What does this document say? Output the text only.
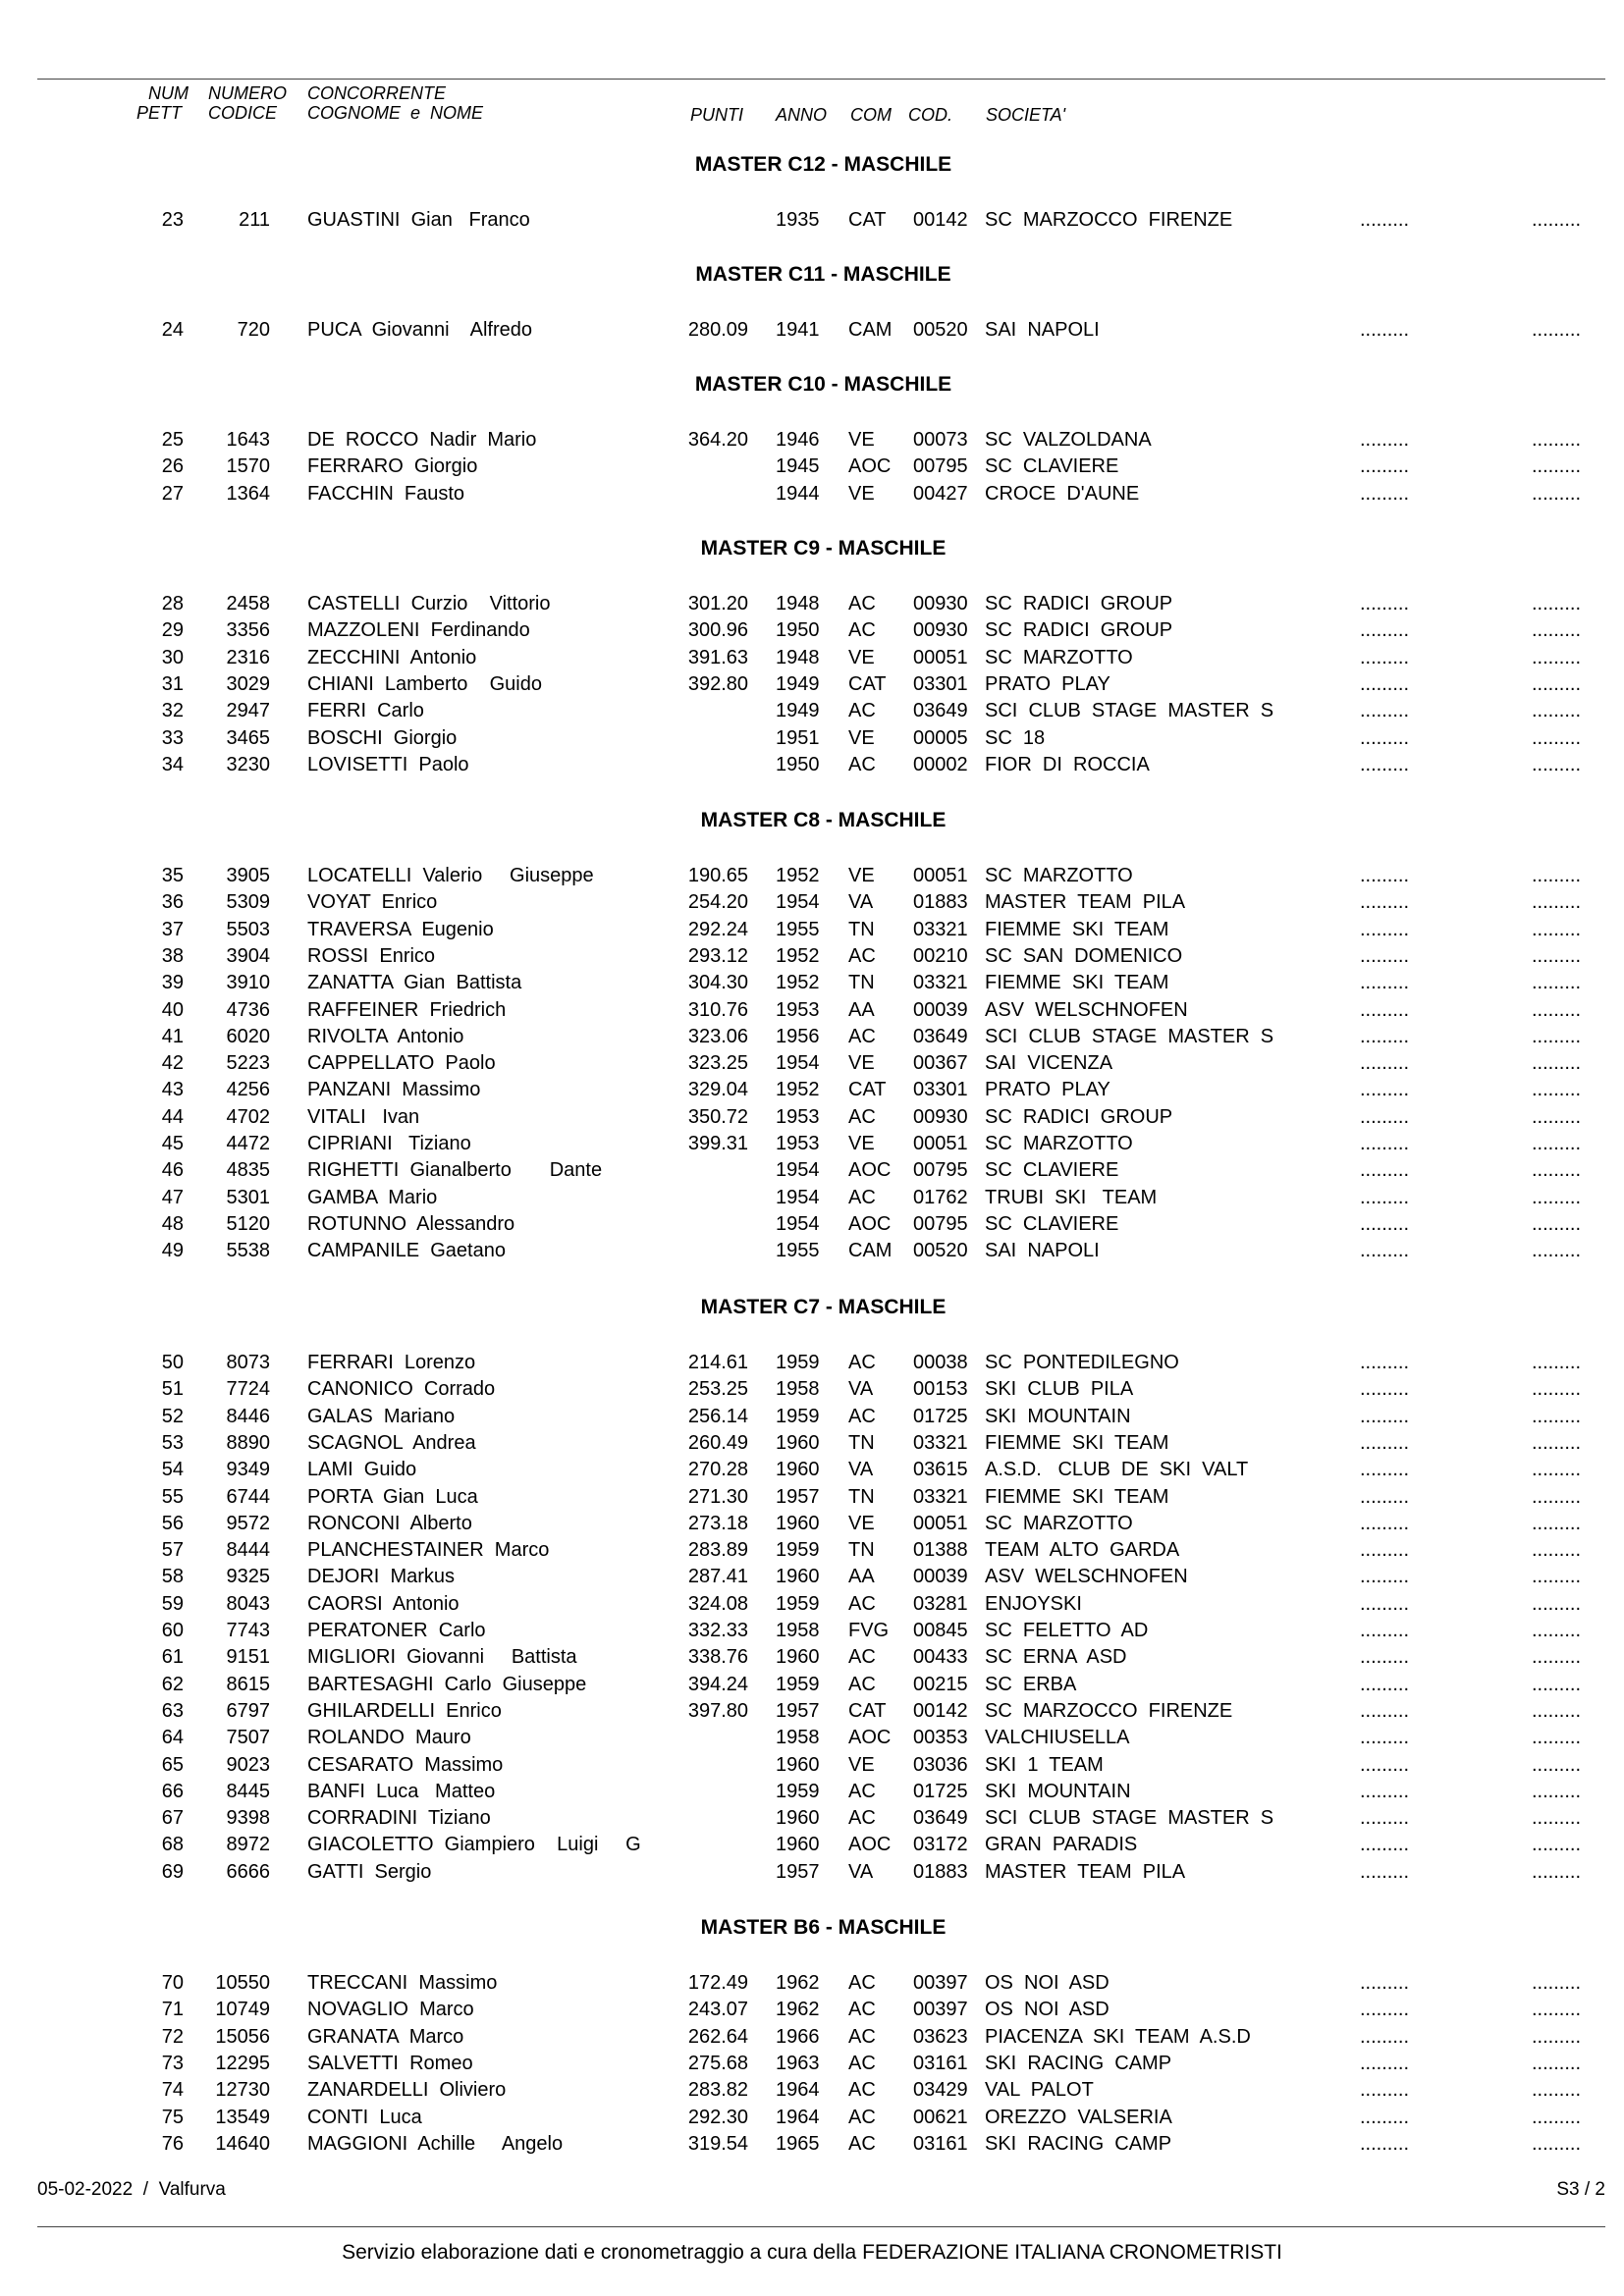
NUM
PETT
NUMERO
CODICE
CONCORRENTE
COGNOME  e  NOME	PUNTI ANNO COM COD. SOCIETA'
MASTER C12 - MASCHILE
23	211 GUASTINI  Gian   Franco	1935 CAT	00142 SC  MARZOCCO  FIRENZE	.........	.........
MASTER C11 - MASCHILE
24	720 PUCA  Giovanni    Alfredo	280.09 1941 CAM	00520 SAI  NAPOLI	.........	.........
MASTER C10 - MASCHILE
25	1643 DE  ROCCO  Nadir  Mario	364.20 1946 VE	00073 SC  VALZOLDANA	.........	.........
26	1570 FERRARO  Giorgio	1945 AOC	00795 SC  CLAVIERE	.........	.........
27	1364 FACCHIN  Fausto	1944 VE	00427 CROCE  D'AUNE	.........	.........
MASTER C9 - MASCHILE
28	2458 CASTELLI  Curzio    Vittorio	301.20 1948 AC	00930 SC  RADICI  GROUP	.........	.........
29	3356 MAZZOLENI  Ferdinando	300.96 1950 AC	00930 SC  RADICI  GROUP	.........	.........
30	2316 ZECCHINI  Antonio	391.63 1948 VE	00051 SC  MARZOTTO	.........	.........
31	3029 CHIANI  Lamberto    Guido	392.80 1949 CAT	03301 PRATO  PLAY	.........	.........
32	2947 FERRI  Carlo	1949 AC	03649 SCI  CLUB  STAGE  MASTER  S	.........	.........
33	3465 BOSCHI  Giorgio	1951 VE	00005 SC  18	.........	.........
34	3230 LOVISETTI  Paolo	1950 AC	00002 FIOR  DI  ROCCIA	.........	.........
MASTER C8 - MASCHILE
35	3905 LOCATELLI  Valerio     Giuseppe	190.65 1952 VE	00051 SC  MARZOTTO	.........	.........
36	5309 VOYAT  Enrico	254.20 1954 VA	01883 MASTER  TEAM  PILA	.........	.........
37	5503 TRAVERSA  Eugenio	292.24 1955 TN	03321 FIEMME  SKI  TEAM	.........	.........
38	3904 ROSSI  Enrico	293.12 1952 AC	00210 SC  SAN  DOMENICO	.........	.........
39	3910 ZANATTA  Gian  Battista	304.30 1952 TN	03321 FIEMME  SKI  TEAM	.........	.........
40	4736 RAFFEINER  Friedrich	310.76 1953 AA	00039 ASV  WELSCHNOFEN	.........	.........
41	6020 RIVOLTA  Antonio	323.06 1956 AC	03649 SCI  CLUB  STAGE  MASTER  S	.........	.........
42	5223 CAPPELLATO  Paolo	323.25 1954 VE	00367 SAI  VICENZA	.........	.........
43	4256 PANZANI  Massimo	329.04 1952 CAT	03301 PRATO  PLAY	.........	.........
44	4702 VITALI   Ivan	350.72 1953 AC	00930 SC  RADICI  GROUP	.........	.........
45	4472 CIPRIANI   Tiziano	399.31 1953 VE	00051 SC  MARZOTTO	.........	.........
46	4835 RIGHETTI  Gianalberto       Dante	1954 AOC	00795 SC  CLAVIERE	.........	.........
47	5301 GAMBA  Mario	1954 AC	01762 TRUBI  SKI   TEAM	.........	.........
48	5120 ROTUNNO  Alessandro	1954 AOC	00795 SC  CLAVIERE	.........	.........
49	5538 CAMPANILE  Gaetano	1955 CAM	00520 SAI  NAPOLI	.........	.........
MASTER C7 - MASCHILE
50	8073 FERRARI  Lorenzo	214.61 1959 AC	00038 SC  PONTEDILEGNO	.........	.........
51	7724 CANONICO  Corrado	253.25 1958 VA	00153 SKI  CLUB  PILA	.........	.........
52	8446 GALAS  Mariano	256.14 1959 AC	01725 SKI  MOUNTAIN	.........	.........
53	8890 SCAGNOL  Andrea	260.49 1960 TN	03321 FIEMME  SKI  TEAM	.........	.........
54	9349 LAMI  Guido	270.28 1960 VA	03615 A.S.D.   CLUB  DE  SKI  VALT	.........	.........
55	6744 PORTA  Gian  Luca	271.30 1957 TN	03321 FIEMME  SKI  TEAM	.........	.........
56	9572 RONCONI  Alberto	273.18 1960 VE	00051 SC  MARZOTTO	.........	.........
57	8444 PLANCHESTAINER  Marco	283.89 1959 TN	01388 TEAM  ALTO  GARDA	.........	.........
58	9325 DEJORI  Markus	287.41 1960 AA	00039 ASV  WELSCHNOFEN	.........	.........
59	8043 CAORSI  Antonio	324.08 1959 AC	03281 ENJOYSKI	.........	.........
60	7743 PERATONER  Carlo	332.33 1958 FVG	00845 SC  FELETTO  AD	.........	.........
61	9151 MIGLIORI  Giovanni     Battista	338.76 1960 AC	00433 SC  ERNA  ASD	.........	.........
62	8615 BARTESAGHI  Carlo  Giuseppe	394.24 1959 AC	00215 SC  ERBA	.........	.........
63	6797 GHILARDELLI  Enrico	397.80 1957 CAT	00142 SC  MARZOCCO  FIRENZE	.........	.........
64	7507 ROLANDO  Mauro	1958 AOC	00353 VALCHIUSELLA	.........	.........
65	9023 CESARATO  Massimo	1960 VE	03036 SKI  1  TEAM	.........	.........
66	8445 BANFI  Luca   Matteo	1959 AC	01725 SKI  MOUNTAIN	.........	.........
67	9398 CORRADINI  Tiziano	1960 AC	03649 SCI  CLUB  STAGE  MASTER  S	.........	.........
68	8972 GIACOLETTO  Giampiero    Luigi     G	1960 AOC	03172 GRAN  PARADIS	.........	.........
69	6666 GATTI  Sergio	1957 VA	01883 MASTER  TEAM  PILA	.........	.........
MASTER B6 - MASCHILE
70	10550 TRECCANI  Massimo	172.49 1962 AC	00397 OS  NOI  ASD	.........	.........
71	10749 NOVAGLIO  Marco	243.07 1962 AC	00397 OS  NOI  ASD	.........	.........
72	15056 GRANATA  Marco	262.64 1966 AC	03623 PIACENZA  SKI  TEAM  A.S.D	.........	.........
73	12295 SALVETTI  Romeo	275.68 1963 AC	03161 SKI  RACING  CAMP	.........	.........
74	12730 ZANARDELLI  Oliviero	283.82 1964 AC	03429 VAL  PALOT	.........	.........
75	13549 CONTI  Luca	292.30 1964 AC	00621 OREZZO  VALSERIA	.........	.........
76	14640 MAGGIONI  Achille     Angelo	319.54 1965 AC	03161 SKI  RACING  CAMP	.........	.........
05-02-2022  /  Valfurva	S3 / 2
Servizio elaborazione dati e cronometraggio a cura della FEDERAZIONE ITALIANA CRONOMETRISTI
